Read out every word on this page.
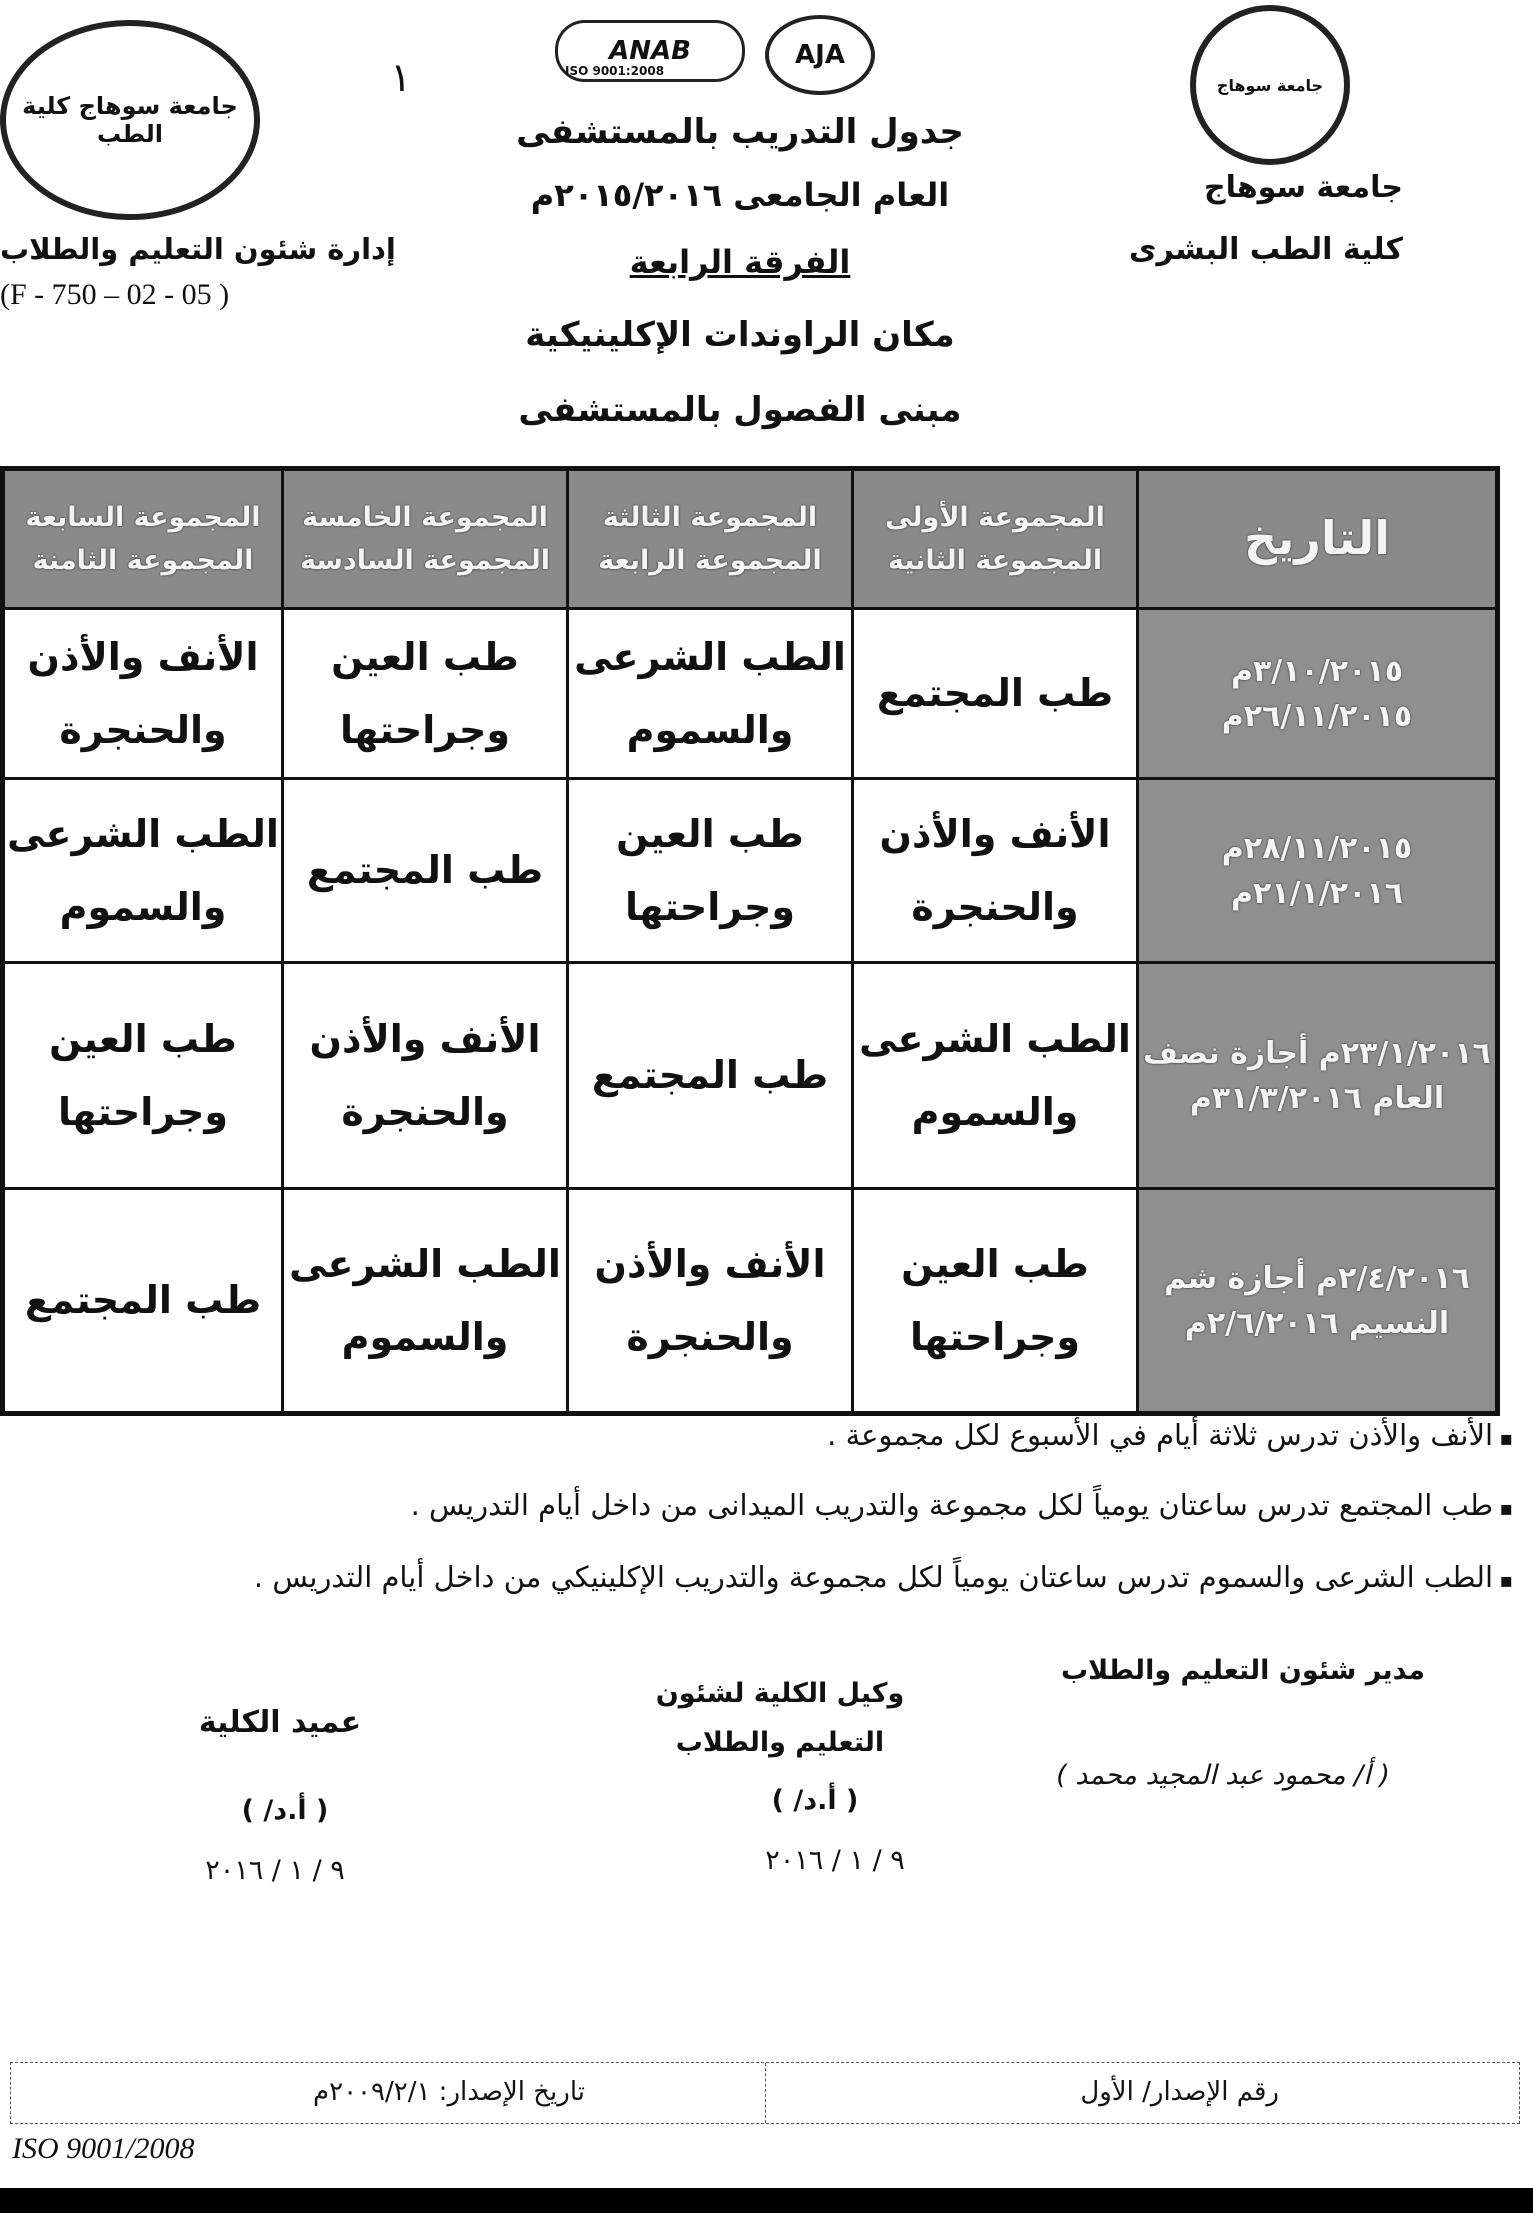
جامعة سوهاج
جامعة سوهاج
كلية الطب البشرى
جامعة سوهاج كلية الطب
إدارة شئون التعليم والطلاب
(F - 750 – 02 - 05 )
١
ANAB
ISO 9001:2008
AJA
جدول التدريب بالمستشفى
العام الجامعى ٢٠١٥/٢٠١٦م
الفرقة الرابعة
مكان الراوندات الإكلينيكية
مبنى الفصول بالمستشفى
التاريخ	المجموعة الأولى المجموعة الثانية	المجموعة الثالثة المجموعة الرابعة	المجموعة الخامسة المجموعة السادسة	المجموعة السابعة المجموعة الثامنة
٣/١٠/٢٠١٥م ٢٦/١١/٢٠١٥م	طب المجتمع	الطب الشرعى والسموم	طب العين وجراحتها	الأنف والأذن والحنجرة
٢٨/١١/٢٠١٥م ٢١/١/٢٠١٦م	الأنف والأذن والحنجرة	طب العين وجراحتها	طب المجتمع	الطب الشرعى والسموم
٢٣/١/٢٠١٦م أجازة نصف العام ٣١/٣/٢٠١٦م	الطب الشرعى والسموم	طب المجتمع	الأنف والأذن والحنجرة	طب العين وجراحتها
٢/٤/٢٠١٦م أجازة شم النسيم ٢/٦/٢٠١٦م	طب العين وجراحتها	الأنف والأذن والحنجرة	الطب الشرعى والسموم	طب المجتمع
▪ الأنف والأذن تدرس ثلاثة أيام في الأسبوع لكل مجموعة .
▪ طب المجتمع تدرس ساعتان يومياً لكل مجموعة والتدريب الميدانى من داخل أيام التدريس .
▪ الطب الشرعى والسموم تدرس ساعتان يومياً لكل مجموعة والتدريب الإكلينيكي من داخل أيام التدريس .
مدير شئون التعليم والطلاب
( أ/ محمود عبد المجيد محمد )
وكيل الكلية لشئون التعليم والطلاب
( أ.د/ )
٩ / ١ / ٢٠١٦
عميد الكلية
( أ.د/ )
٩ / ١ / ٢٠١٦
رقم الإصدار/ الأول
تاريخ الإصدار: ٢٠٠٩/٢/١م
ISO 9001/2008
